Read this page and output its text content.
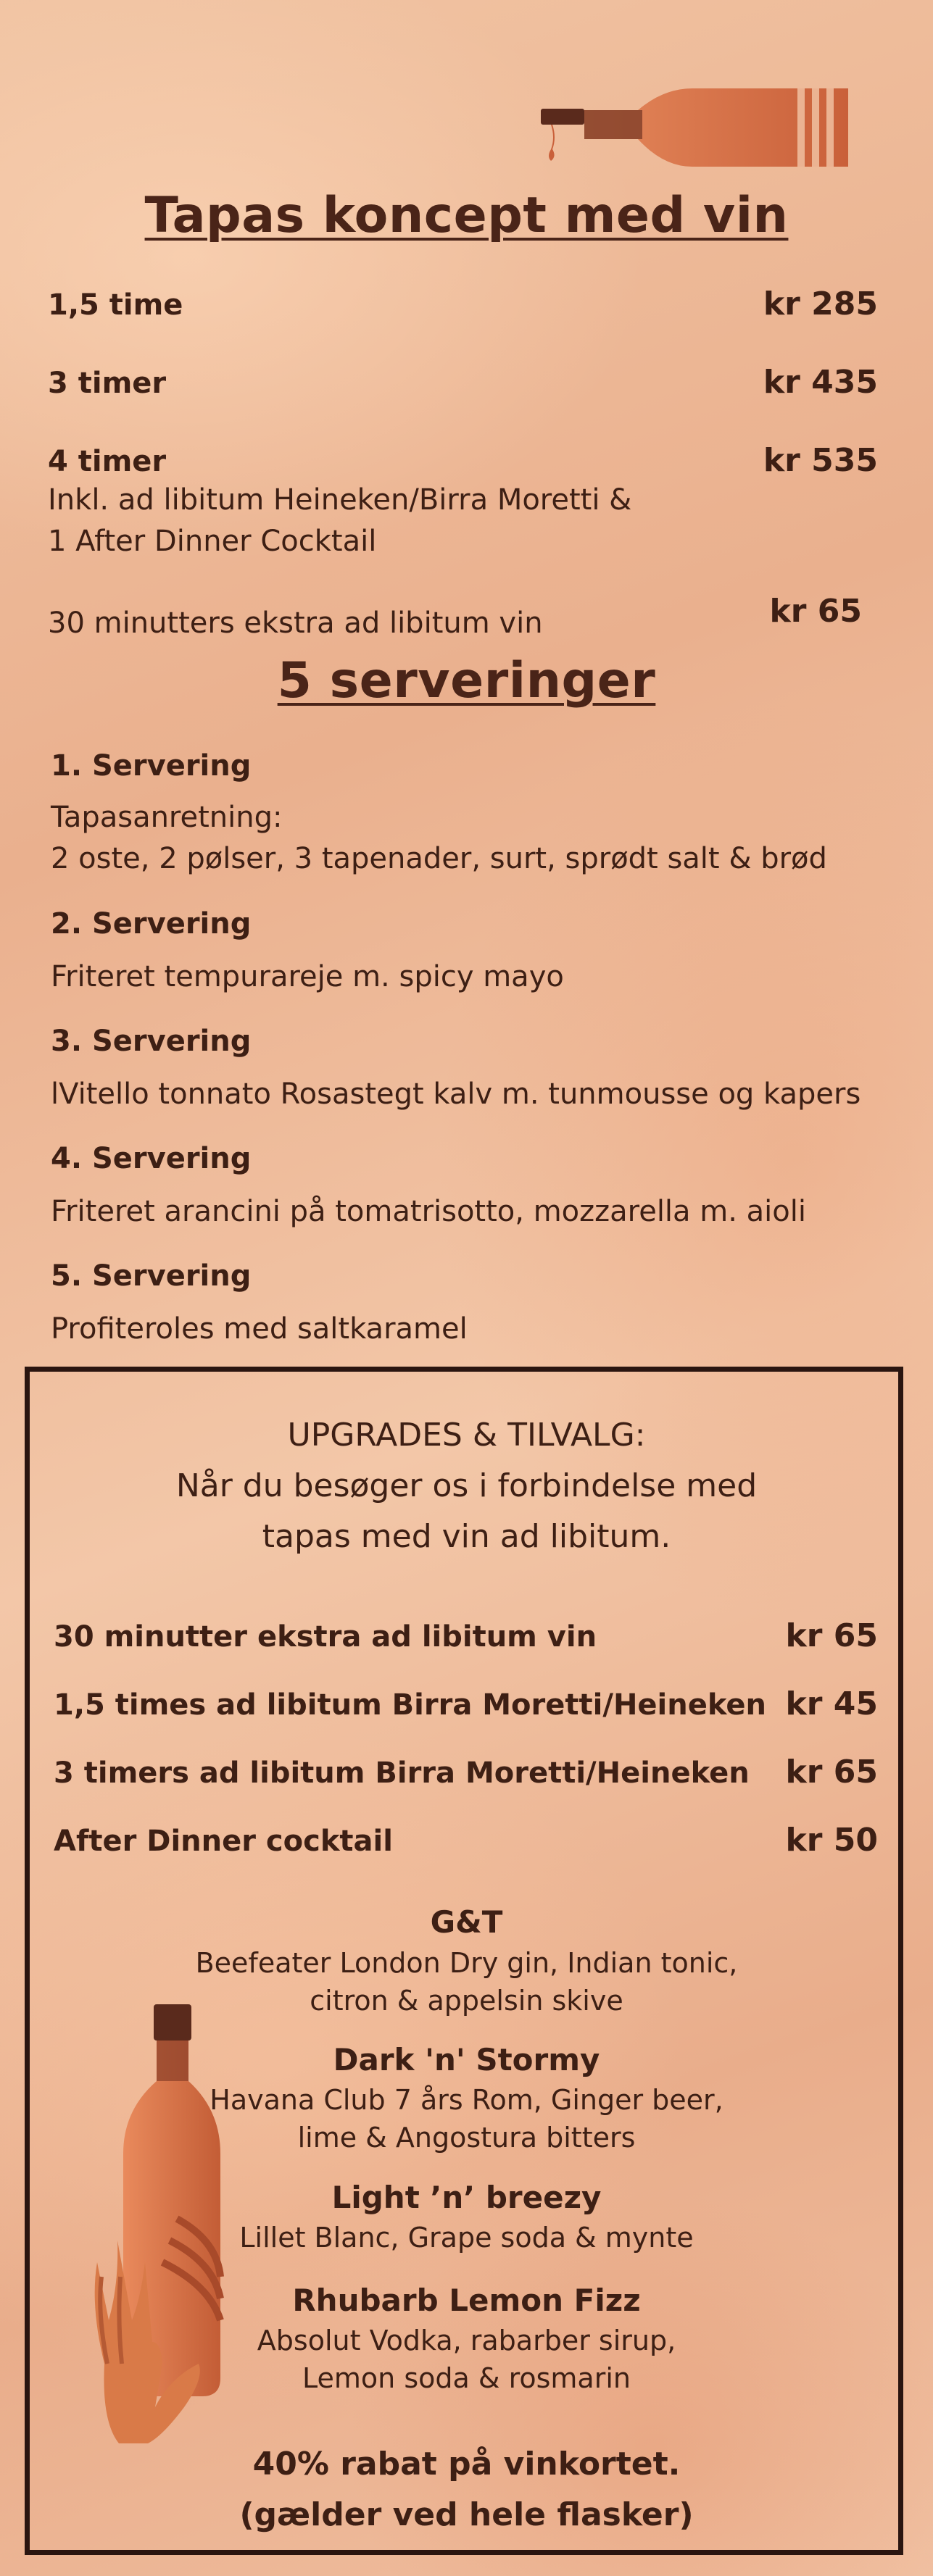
Tapas koncept med vin
1,5 time	kr 285
3 timer	kr 435
4 timer	kr 535
Inkl. ad libitum Heineken/Birra Moretti &
1 After Dinner Cocktail
30 minutters ekstra ad libitum vin	kr 65
5 serveringer
1. Servering
Tapasanretning:
2 oste, 2 pølser, 3 tapenader, surt, sprødt salt & brød
2. Servering
Friteret tempurareje m. spicy mayo
3. Servering
lVitello tonnato Rosastegt kalv m. tunmousse og kapers
4. Servering
Friteret arancini på tomatrisotto, mozzarella m. aioli
5. Servering
Profiteroles med saltkaramel
UPGRADES & TILVALG:
Når du besøger os i forbindelse med
tapas med vin ad libitum.
30 minutter ekstra ad libitum vin	kr 65
1,5 times ad libitum Birra Moretti/Heineken kr 45
3 timers ad libitum Birra Moretti/Heineken kr 65
After Dinner cocktail	kr 50
G&T
Beefeater London Dry gin, Indian tonic,
citron & appelsin skive
Dark 'n' Stormy
Havana Club 7 års Rom, Ginger beer,
lime & Angostura bitters
Light ’n’ breezy
Lillet Blanc, Grape soda & mynte
Rhubarb Lemon Fizz
Absolut Vodka, rabarber sirup,
Lemon soda & rosmarin
40% rabat på vinkortet.
(gælder ved hele flasker)
